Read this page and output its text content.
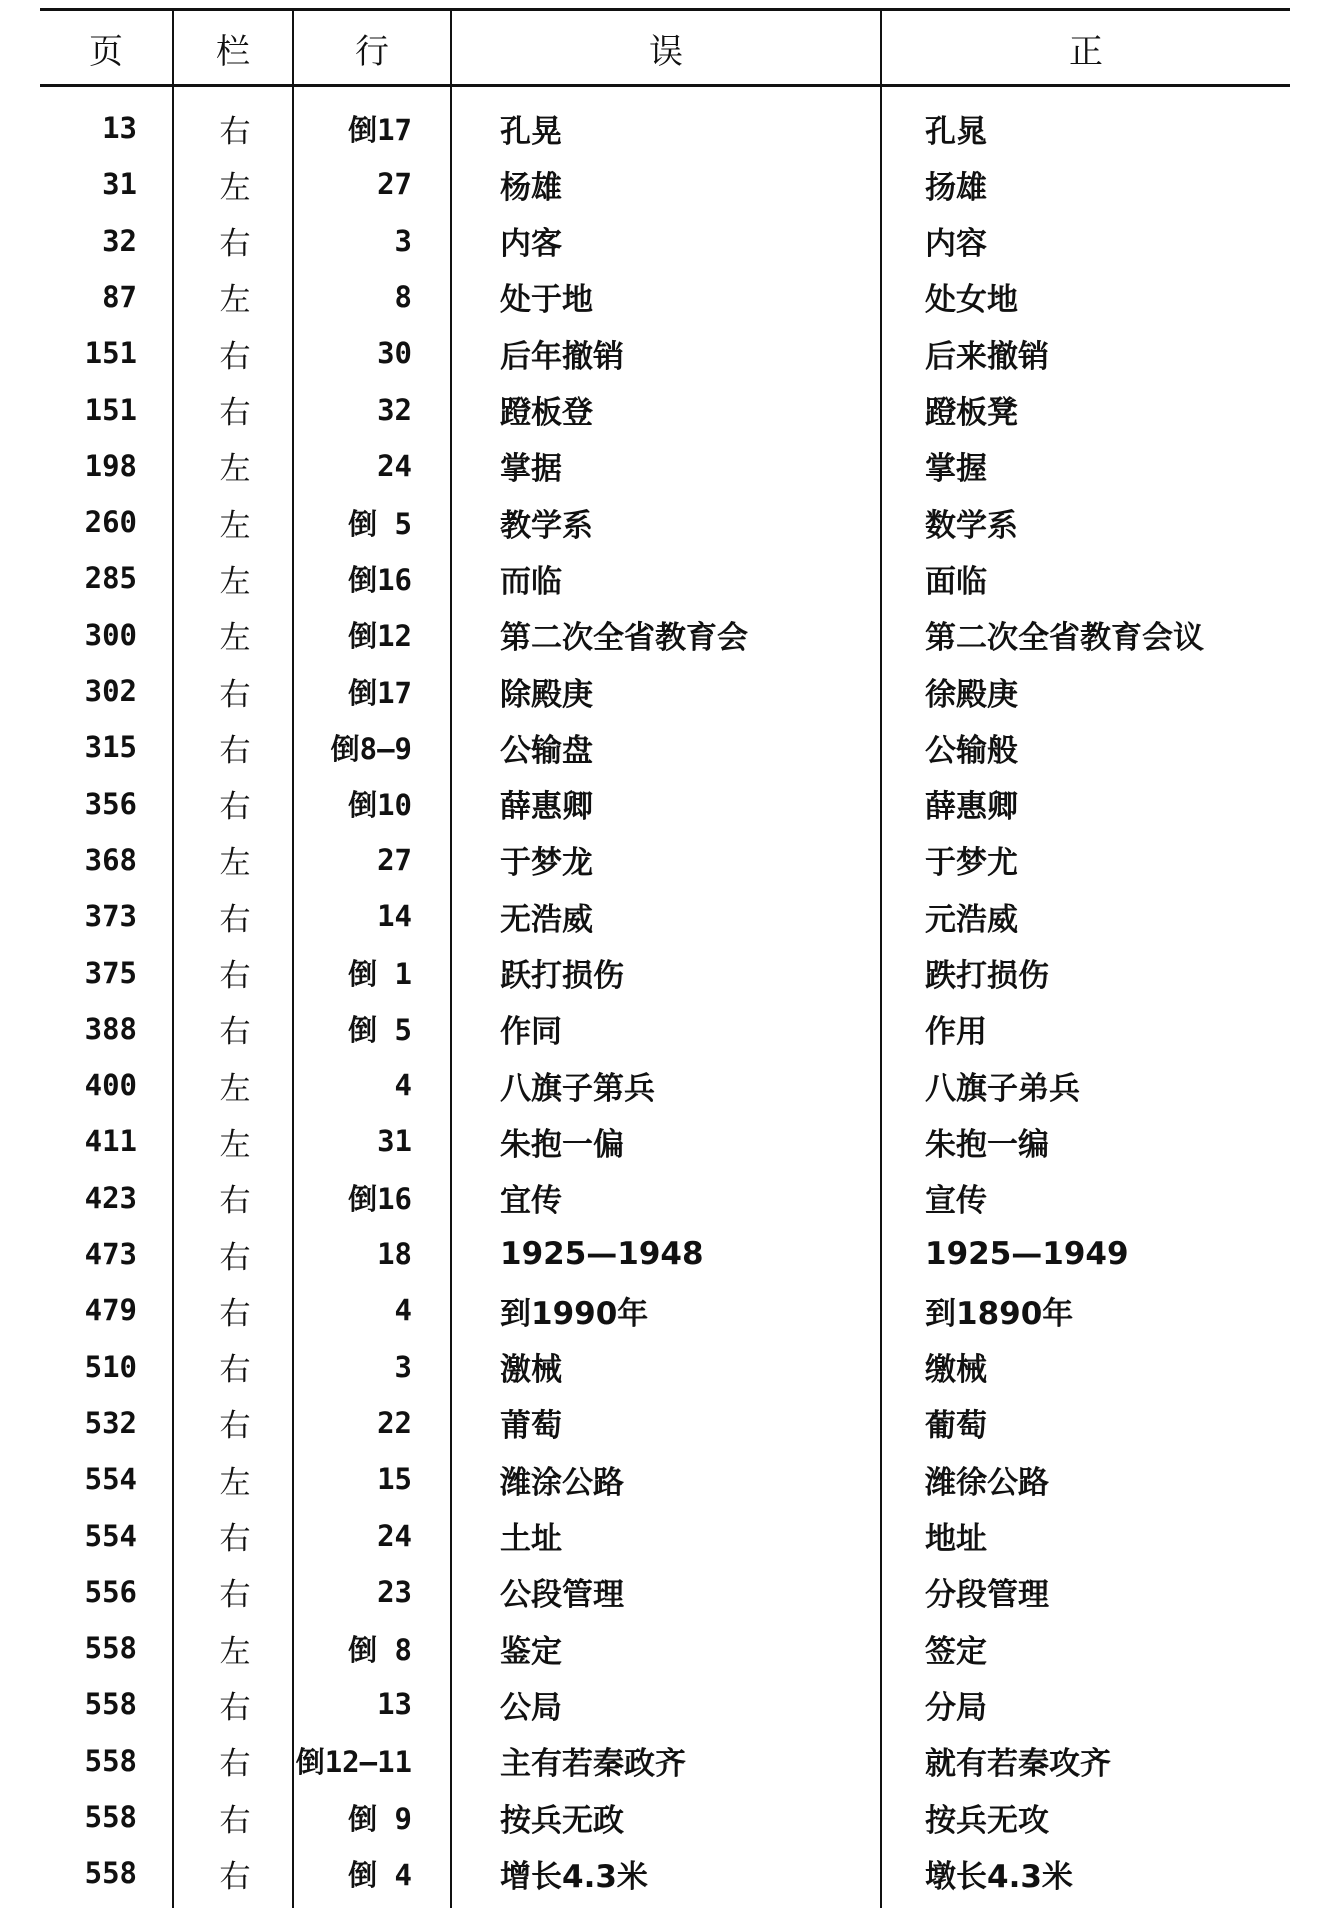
页	栏	行	误	正
13	右	倒17	孔晃	孔晁
31	左	27	杨雄	扬雄
32	右	3	内客	内容
87	左	8	处于地	处女地
151	右	30	后年撤销	后来撤销
151	右	32	蹬板登	蹬板凳
198	左	24	掌据	掌握
260	左	倒 5	教学系	数学系
285	左	倒16	而临	面临
300	左	倒12	第二次全省教育会	第二次全省教育会议
302	右	倒17	除殿庚	徐殿庚
315	右	倒8—9	公输盘	公输般
356	右	倒10	薛惠卿	薛惠卿
368	左	27	于梦龙	于梦尤
373	右	14	无浩威	元浩威
375	右	倒 1	跃打损伤	跌打损伤
388	右	倒 5	作同	作用
400	左	4	八旗子第兵	八旗子弟兵
411	左	31	朱抱一偏	朱抱一编
423	右	倒16	宜传	宣传
473	右	18	1925—1948	1925—1949
479	右	4	到1990年	到1890年
510	右	3	激械	缴械
532	右	22	莆萄	葡萄
554	左	15	潍涂公路	潍徐公路
554	右	24	土址	地址
556	右	23	公段管理	分段管理
558	左	倒 8	鉴定	签定
558	右	13	公局	分局
558	右	倒12—11	主有若秦政齐	就有若秦攻齐
558	右	倒 9	按兵无政	按兵无攻
558	右	倒 4	增长4.3米	墩长4.3米
